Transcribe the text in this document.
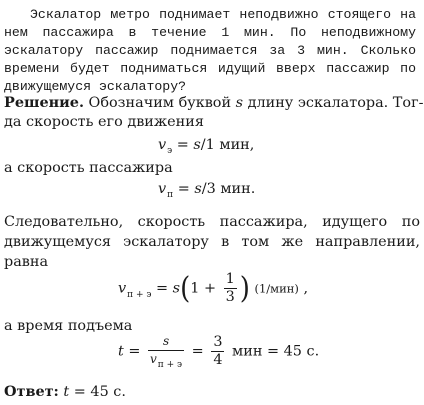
Эскалатор метро поднимает неподвижно стоящего на нем пассажира в течение 1 мин. По неподвижному эскалатору пассажир поднимается за 3 мин. Сколько времени будет подниматься идущий вверх пассажир по движущемуся эскалатору?
Решение. Обозначим буквой s длину эскалатора. Тог-
да скорость его движения
$v_э = s/1$ мин,
а скорость пассажира
$v_п = s/3$ мин.
Следовательно, скорость пассажира, идущего по
движущемуся эскалатору в том же направлении,
равна
$v_{п + э} = s(1 + \frac{1}{3}$ ) (1/мин) ,
а время подъема
$t = \frac{s}{v_{п + э}} = \frac{3}{4}$ мин = 45 с.
Ответ: t = 45 с.
